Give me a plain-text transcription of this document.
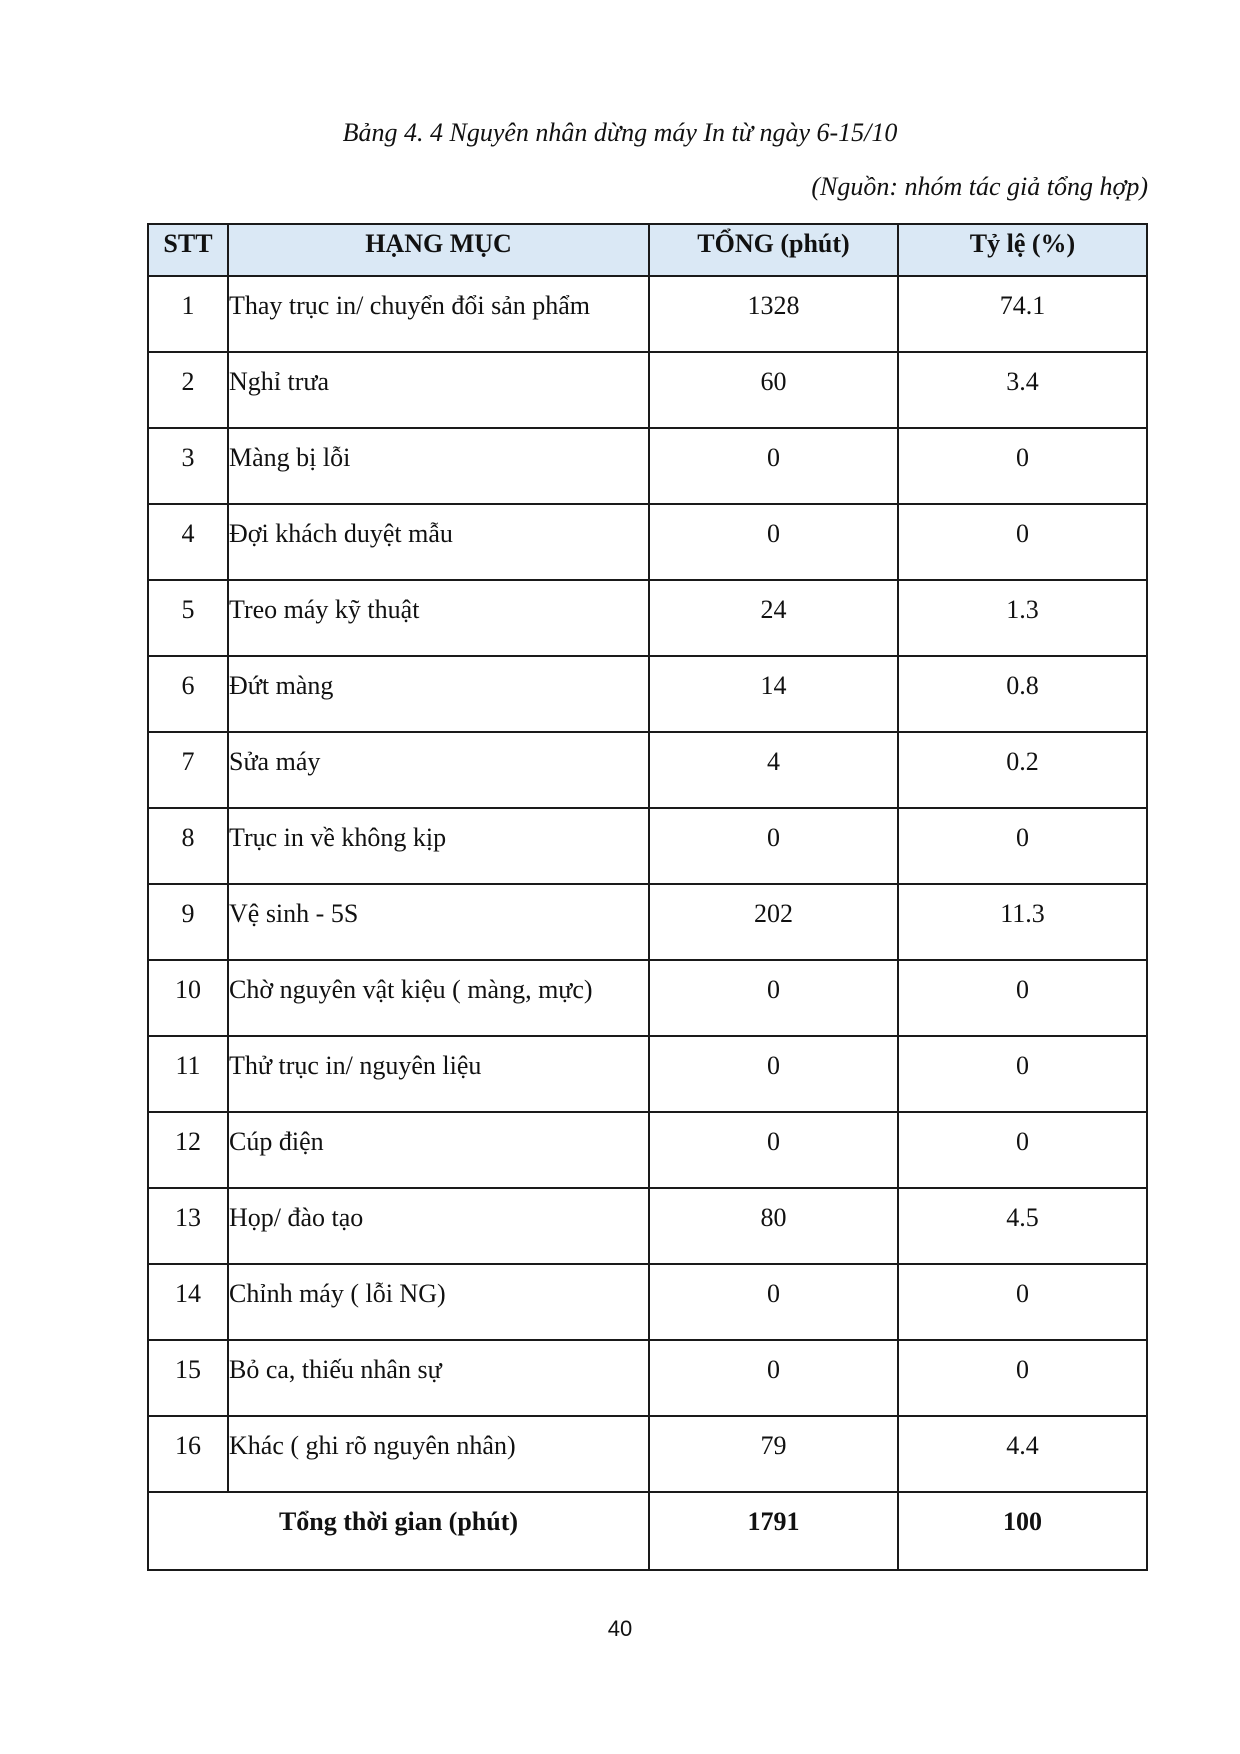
Bảng 4. 4 Nguyên nhân dừng máy In từ ngày 6-15/10
(Nguồn: nhóm tác giả tổng hợp)
STT	HẠNG MỤC	TỔNG (phút)	Tỷ lệ (%)
1	Thay trục in/ chuyển đổi sản phẩm	1328	74.1
2	Nghỉ trưa	60	3.4
3	Màng bị lỗi	0	0
4	Đợi khách duyệt mẫu	0	0
5	Treo máy kỹ thuật	24	1.3
6	Đứt màng	14	0.8
7	Sửa máy	4	0.2
8	Trục in về không kịp	0	0
9	Vệ sinh - 5S	202	11.3
10	Chờ nguyên vật kiệu ( màng, mực)	0	0
11	Thử trục in/ nguyên liệu	0	0
12	Cúp điện	0	0
13	Họp/ đào tạo	80	4.5
14	Chỉnh máy ( lỗi NG)	0	0
15	Bỏ ca, thiếu nhân sự	0	0
16	Khác ( ghi rõ nguyên nhân)	79	4.4
Tổng thời gian (phút)		1791	100
40
